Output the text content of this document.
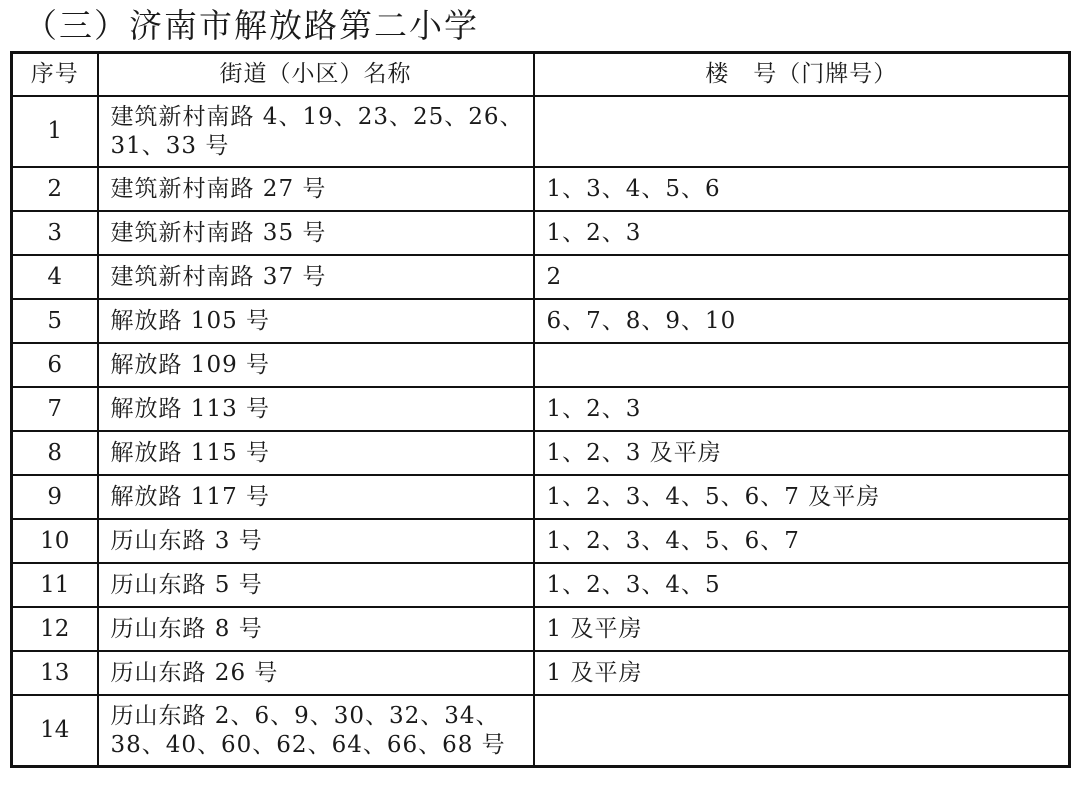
（三）济南市解放路第二小学
序号	街道（小区）名称	楼　号（门牌号）
1	建筑新村南路 4、19、23、25、26、
31、33 号	
2	建筑新村南路 27 号	1、3、4、5、6
3	建筑新村南路 35 号	1、2、3
4	建筑新村南路 37 号	2
5	解放路 105 号	6、7、8、9、10
6	解放路 109 号	
7	解放路 113 号	1、2、3
8	解放路 115 号	1、2、3 及平房
9	解放路 117 号	1、2、3、4、5、6、7 及平房
10	历山东路 3 号	1、2、3、4、5、6、7
11	历山东路 5 号	1、2、3、4、5
12	历山东路 8 号	1 及平房
13	历山东路 26 号	1 及平房
14	历山东路 2、6、9、30、32、34、
38、40、60、62、64、66、68 号	
